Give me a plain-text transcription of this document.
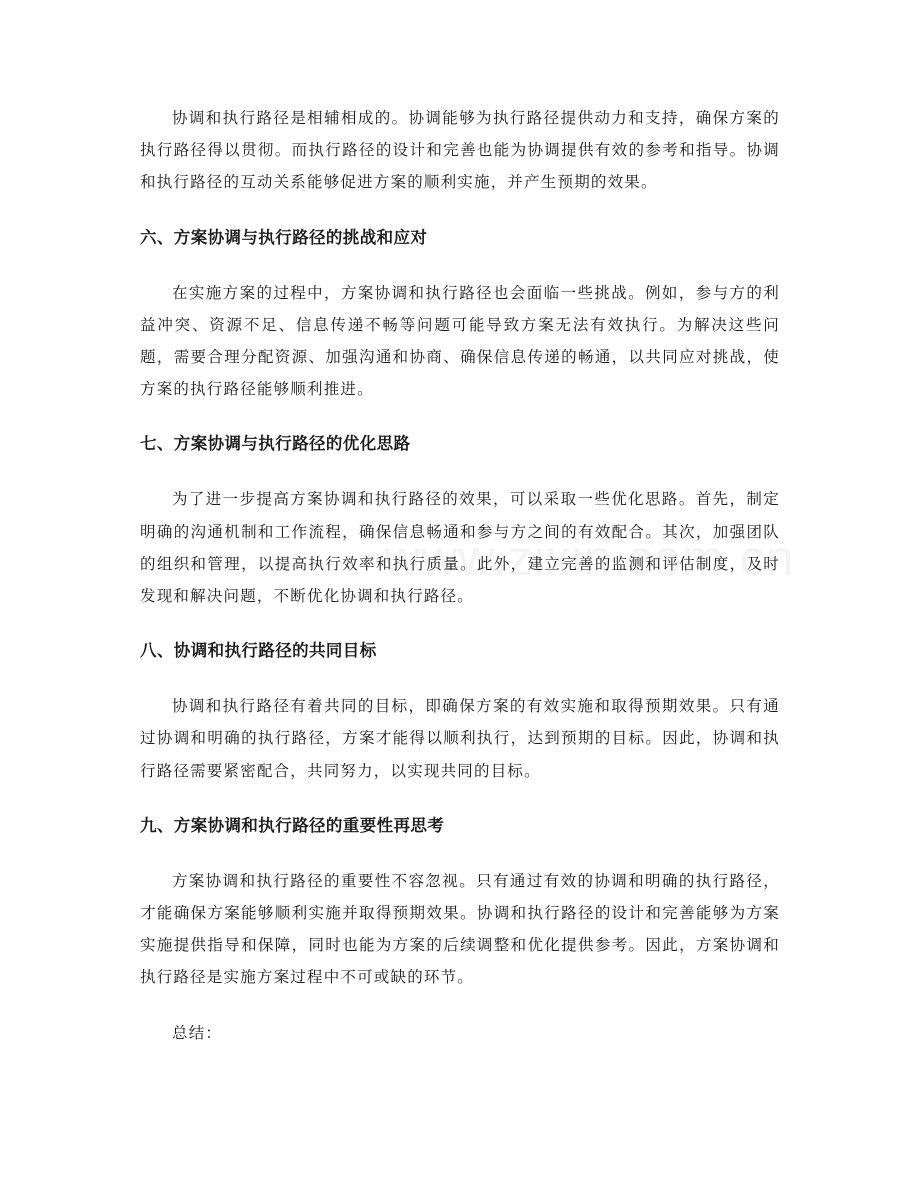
协调和执行路径是相辅相成的。协调能够为执行路径提供动力和支持，确保方案的执行路径得以贯彻。而执行路径的设计和完善也能为协调提供有效的参考和指导。协调和执行路径的互动关系能够促进方案的顺利实施，并产生预期的效果。

六、方案协调与执行路径的挑战和应对

在实施方案的过程中，方案协调和执行路径也会面临一些挑战。例如，参与方的利益冲突、资源不足、信息传递不畅等问题可能导致方案无法有效执行。为解决这些问题，需要合理分配资源、加强沟通和协商、确保信息传递的畅通，以共同应对挑战，使方案的执行路径能够顺利推进。

七、方案协调与执行路径的优化思路

为了进一步提高方案协调和执行路径的效果，可以采取一些优化思路。首先，制定明确的沟通机制和工作流程，确保信息畅通和参与方之间的有效配合。其次，加强团队的组织和管理，以提高执行效率和执行质量。此外，建立完善的监测和评估制度，及时发现和解决问题，不断优化协调和执行路径。

八、协调和执行路径的共同目标

协调和执行路径有着共同的目标，即确保方案的有效实施和取得预期效果。只有通过协调和明确的执行路径，方案才能得以顺利执行，达到预期的目标。因此，协调和执行路径需要紧密配合，共同努力，以实现共同的目标。

九、方案协调和执行路径的重要性再思考

方案协调和执行路径的重要性不容忽视。只有通过有效的协调和明确的执行路径，才能确保方案能够顺利实施并取得预期效果。协调和执行路径的设计和完善能够为方案实施提供指导和保障，同时也能为方案的后续调整和优化提供参考。因此，方案协调和执行路径是实施方案过程中不可或缺的环节。

总结：
